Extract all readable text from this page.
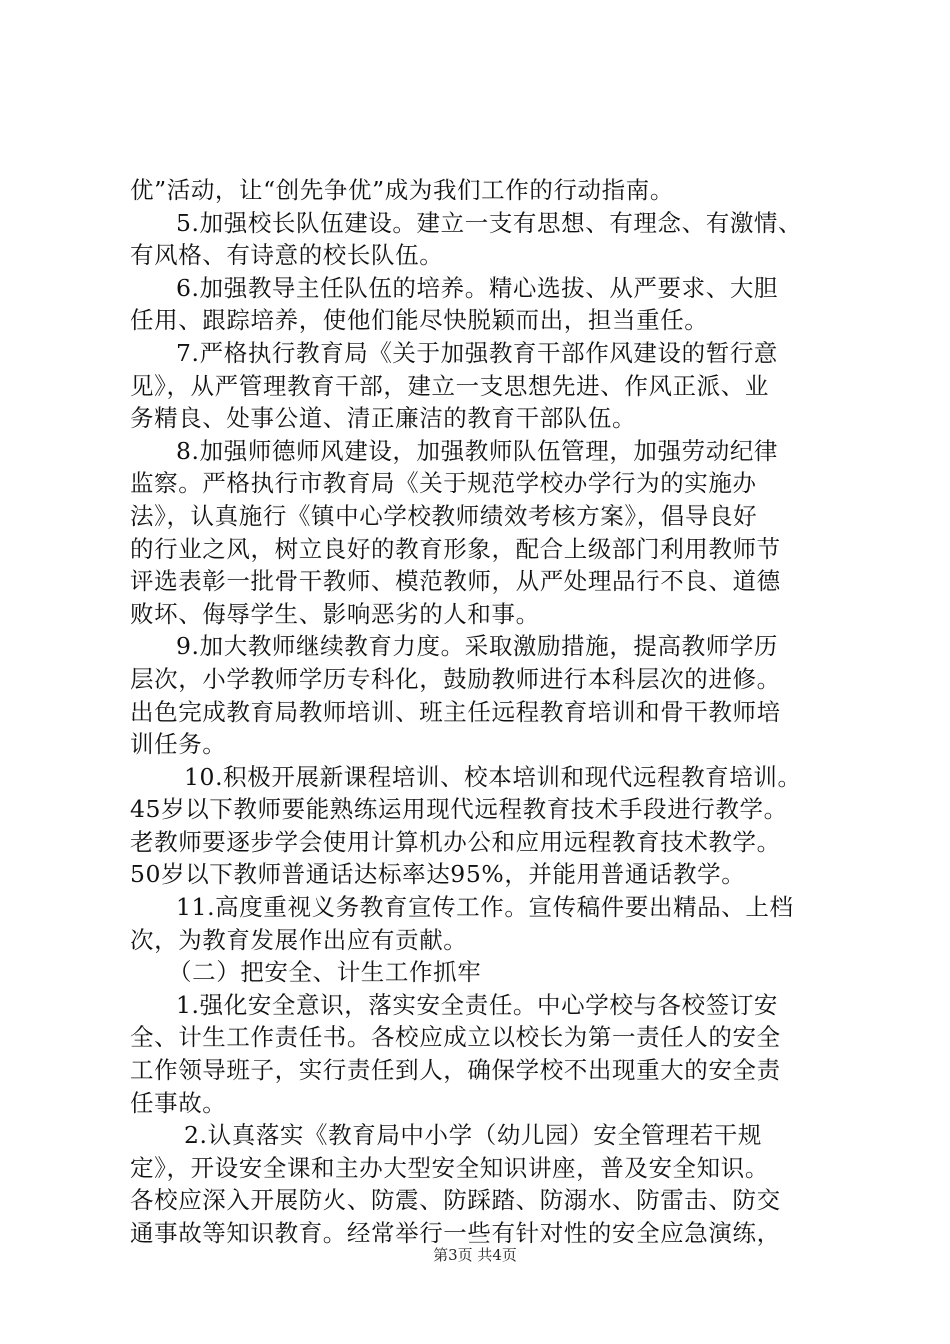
优”活动，让“创先争优”成为我们工作的行动指南。
5.加强校长队伍建设。建立一支有思想、有理念、有激情、
有风格、有诗意的校长队伍。
6.加强教导主任队伍的培养。精心选拔、从严要求、大胆
任用、跟踪培养，使他们能尽快脱颖而出，担当重任。
7.严格执行教育局《关于加强教育干部作风建设的暂行意
见》，从严管理教育干部，建立一支思想先进、作风正派、业
务精良、处事公道、清正廉洁的教育干部队伍。
8.加强师德师风建设，加强教师队伍管理，加强劳动纪律
监察。严格执行市教育局《关于规范学校办学行为的实施办
法》，认真施行《镇中心学校教师绩效考核方案》，倡导良好
的行业之风，树立良好的教育形象，配合上级部门利用教师节
评选表彰一批骨干教师、模范教师，从严处理品行不良、道德
败坏、侮辱学生、影响恶劣的人和事。
9.加大教师继续教育力度。采取激励措施，提高教师学历
层次，小学教师学历专科化，鼓励教师进行本科层次的进修。
出色完成教育局教师培训、班主任远程教育培训和骨干教师培
训任务。
10.积极开展新课程培训、校本培训和现代远程教育培训。
45岁以下教师要能熟练运用现代远程教育技术手段进行教学。
老教师要逐步学会使用计算机办公和应用远程教育技术教学。
50岁以下教师普通话达标率达95%，并能用普通话教学。
11.高度重视义务教育宣传工作。宣传稿件要出精品、上档
次，为教育发展作出应有贡献。
（二）把安全、计生工作抓牢
1.强化安全意识，落实安全责任。中心学校与各校签订安
全、计生工作责任书。各校应成立以校长为第一责任人的安全
工作领导班子，实行责任到人，确保学校不出现重大的安全责
任事故。
2.认真落实《教育局中小学（幼儿园）安全管理若干规
定》，开设安全课和主办大型安全知识讲座，普及安全知识。
各校应深入开展防火、防震、防踩踏、防溺水、防雷击、防交
通事故等知识教育。经常举行一些有针对性的安全应急演练，
第3页 共4页
